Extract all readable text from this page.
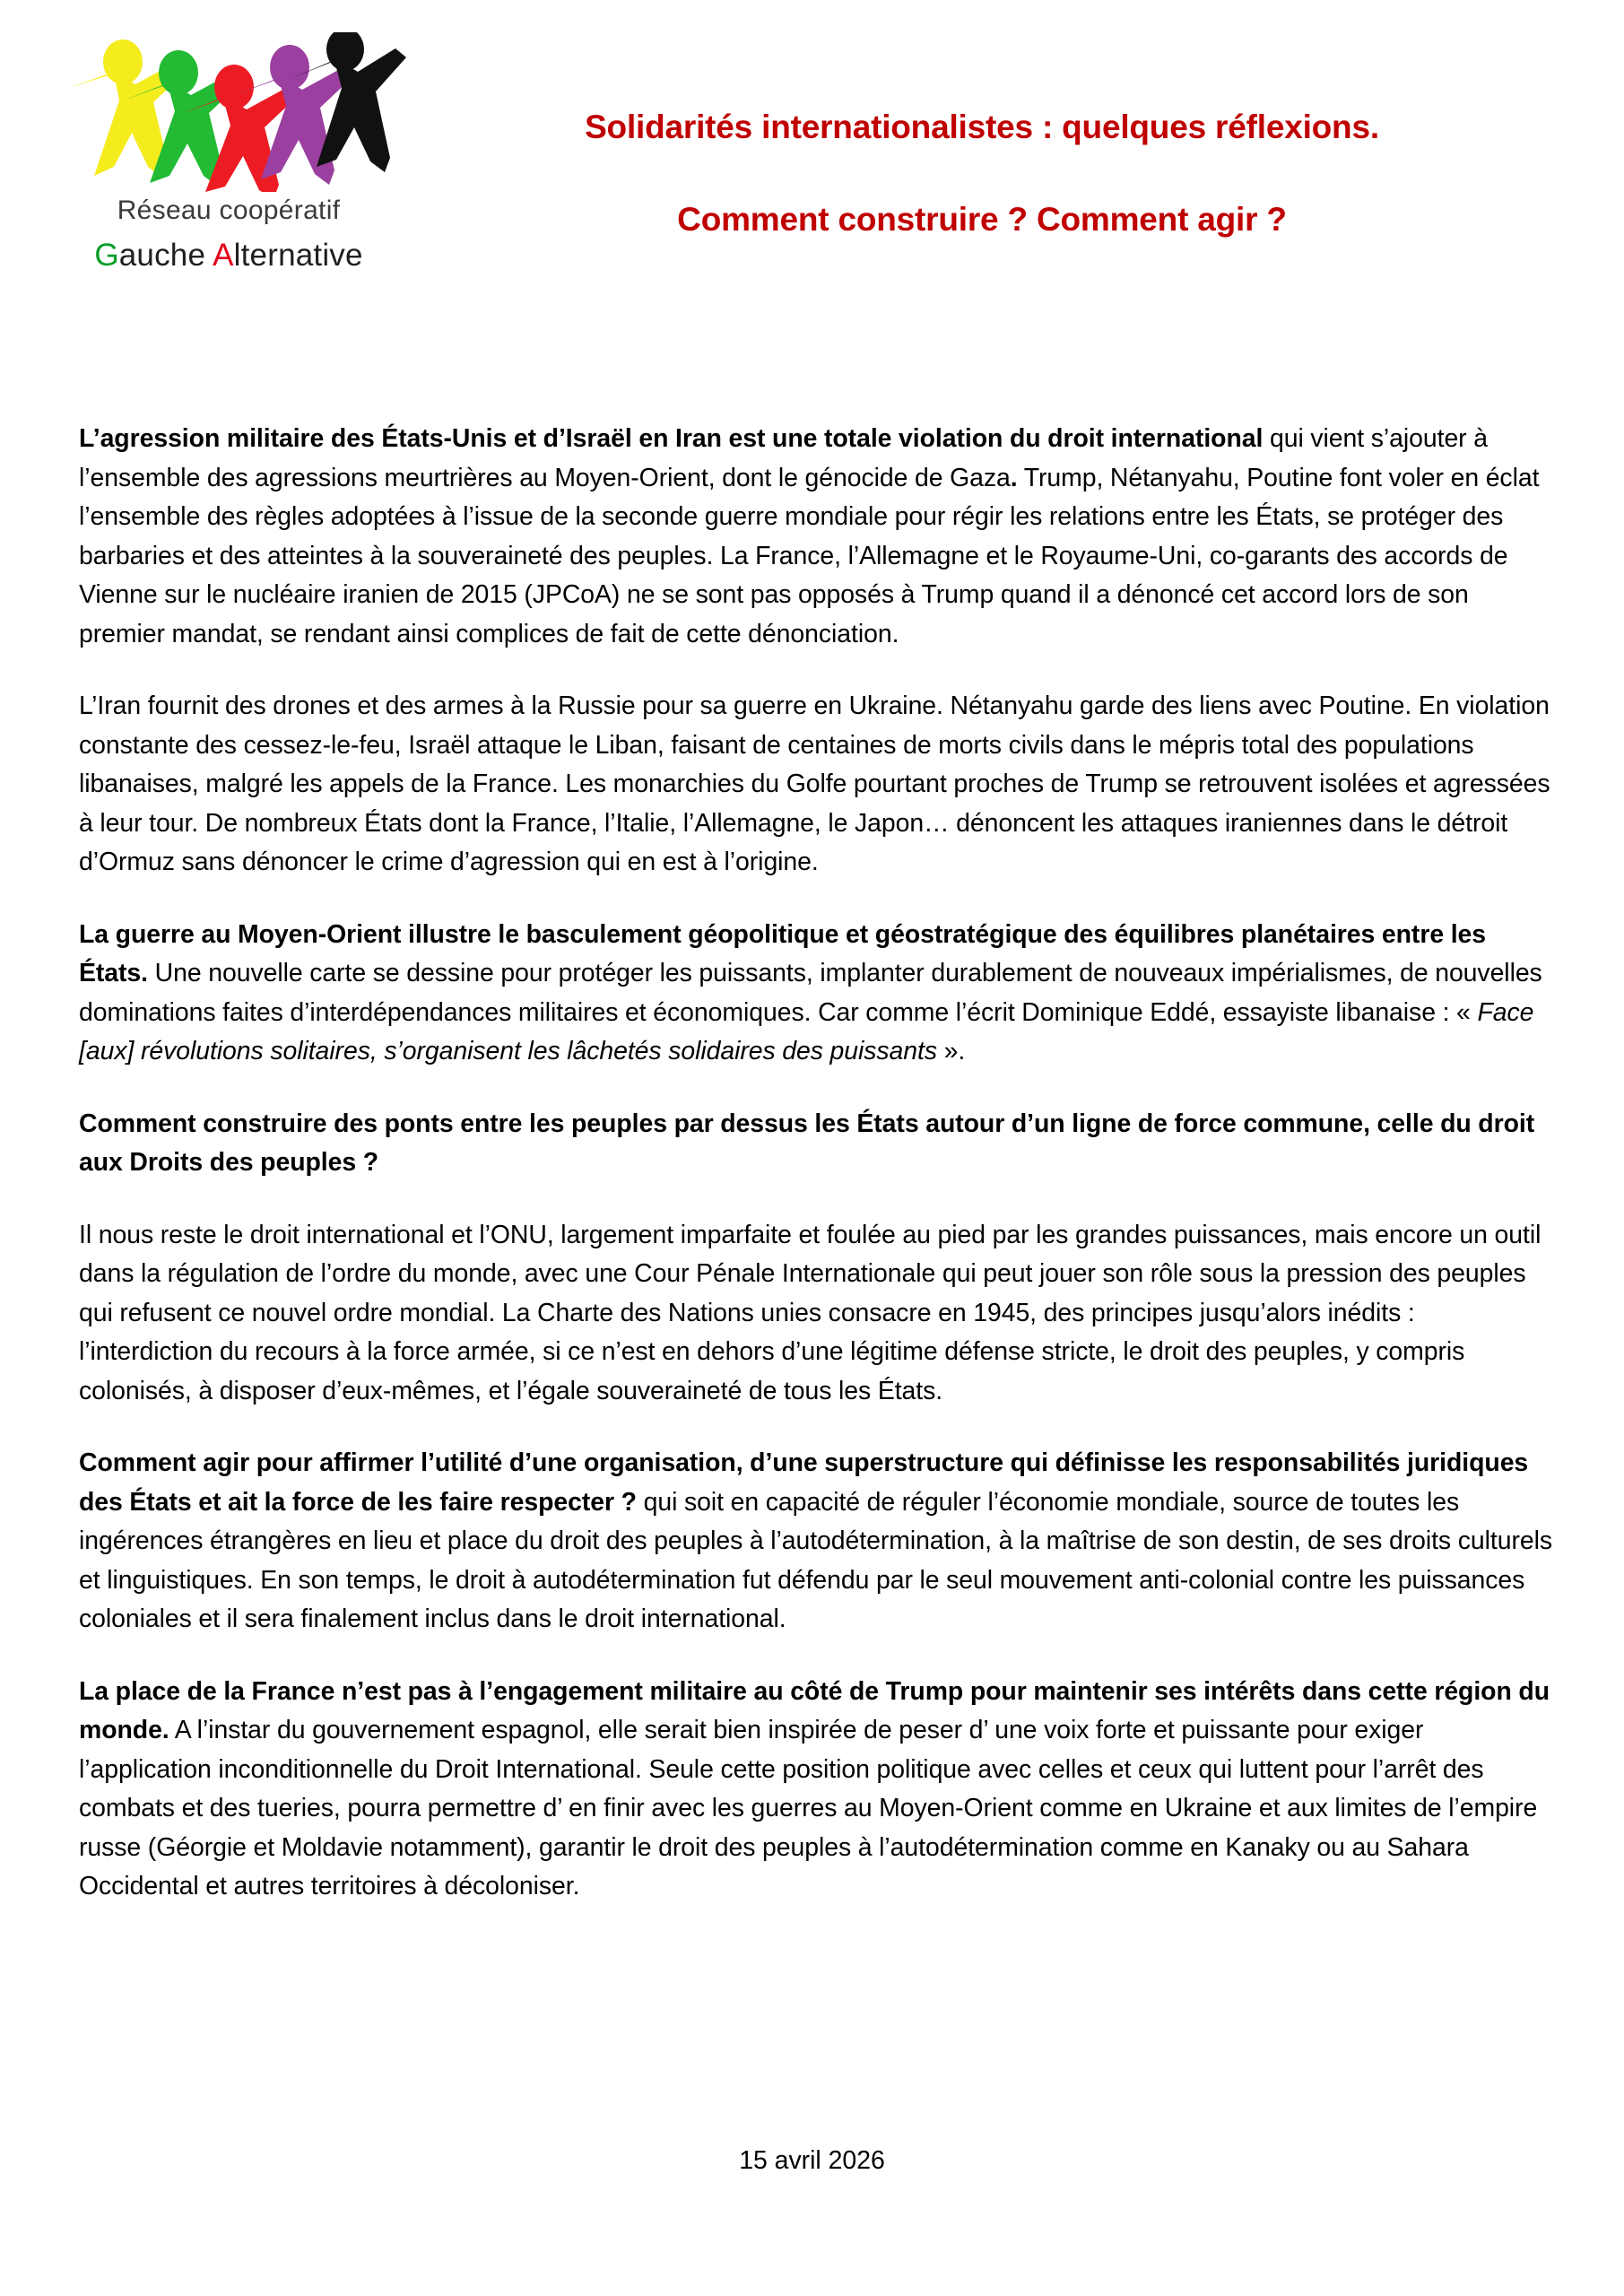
Réseau coopératif
Gauche Alternative
Solidarités internationalistes : quelques réflexions.
Comment construire ? Comment agir ?

L’agression militaire des États-Unis et d’Israël en Iran est une totale violation du droit international qui vient s’ajouter à l’ensemble des agressions meurtrières au Moyen-Orient, dont le génocide de Gaza. Trump, Nétanyahu, Poutine font voler en éclat l’ensemble des règles adoptées à l’issue de la seconde guerre mondiale pour régir les relations entre les États, se protéger des barbaries et des atteintes à la souveraineté des peuples. La France, l’Allemagne et le Royaume-Uni, co-garants des accords de Vienne sur le nucléaire iranien de 2015 (JPCoA) ne se sont pas opposés à Trump quand il a dénoncé cet accord lors de son premier mandat, se rendant ainsi complices de fait de cette dénonciation.

L’Iran fournit des drones et des armes à la Russie pour sa guerre en Ukraine. Nétanyahu garde des liens avec Poutine. En violation constante des cessez-le-feu, Israël attaque le Liban, faisant de centaines de morts civils dans le mépris total des populations libanaises, malgré les appels de la France. Les monarchies du Golfe pourtant proches de Trump se retrouvent isolées et agressées à leur tour. De nombreux États dont la France, l’Italie, l’Allemagne, le Japon… dénoncent les attaques iraniennes dans le détroit d’Ormuz sans dénoncer le crime d’agression qui en est à l’origine.

La guerre au Moyen-Orient illustre le basculement géopolitique et géostratégique des équilibres planétaires entre les États. Une nouvelle carte se dessine pour protéger les puissants, implanter durablement de nouveaux impérialismes, de nouvelles dominations faites d’interdépendances militaires et économiques. Car comme l’écrit Dominique Eddé, essayiste libanaise : « Face [aux] révolutions solitaires, s’organisent les lâchetés solidaires des puissants ».

Comment construire des ponts entre les peuples par dessus les États autour d’un ligne de force commune, celle du droit aux Droits des peuples ?

Il nous reste le droit international et l’ONU, largement imparfaite et foulée au pied par les grandes puissances, mais encore un outil dans la régulation de l’ordre du monde, avec une Cour Pénale Internationale qui peut jouer son rôle sous la pression des peuples qui refusent ce nouvel ordre mondial. La Charte des Nations unies consacre en 1945, des principes jusqu’alors inédits : l’interdiction du recours à la force armée, si ce n’est en dehors d’une légitime défense stricte, le droit des peuples, y compris colonisés, à disposer d’eux-mêmes, et l’égale souveraineté de tous les États.

Comment agir pour affirmer l’utilité d’une organisation, d’une superstructure qui définisse les responsabilités juridiques des États et ait la force de les faire respecter ? qui soit en capacité de réguler l’économie mondiale, source de toutes les ingérences étrangères en lieu et place du droit des peuples à l’autodétermination, à la maîtrise de son destin, de ses droits culturels et linguistiques. En son temps, le droit à autodétermination fut défendu par le seul mouvement anti-colonial contre les puissances coloniales et il sera finalement inclus dans le droit international.

La place de la France n’est pas à l’engagement militaire au côté de Trump pour maintenir ses intérêts dans cette région du monde. A l’instar du gouvernement espagnol, elle serait bien inspirée de peser d’ une voix forte et puissante pour exiger l’application inconditionnelle du Droit International. Seule cette position politique avec celles et ceux qui luttent pour l’arrêt des combats et des tueries, pourra permettre d’ en finir avec les guerres au Moyen-Orient comme en Ukraine et aux limites de l’empire russe (Géorgie et Moldavie notamment), garantir le droit des peuples à l’autodétermination comme en Kanaky ou au Sahara Occidental et autres territoires à décoloniser.

15 avril 2026
